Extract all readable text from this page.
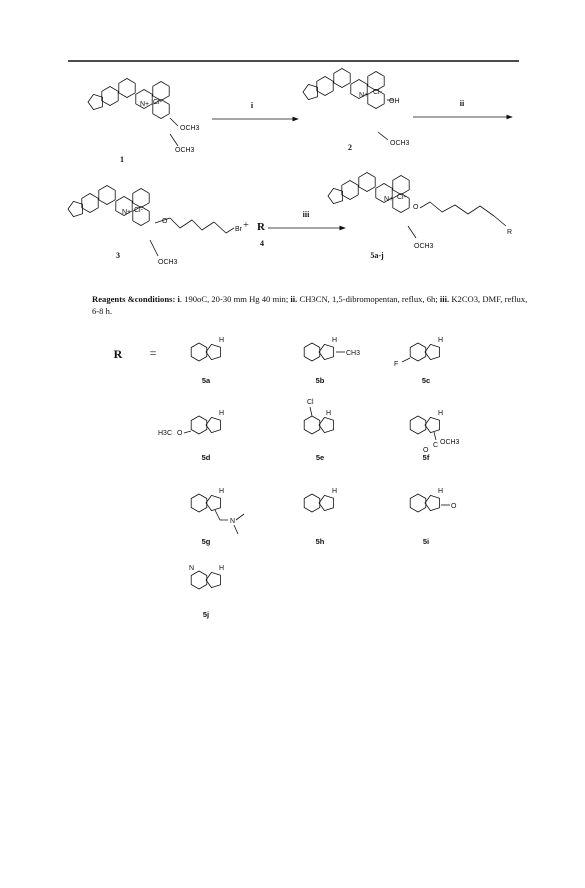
OCH3
OCH3
N+ Cl-
1
OH
OCH3
N+ Cl-
2
N+ Cl-
O
Br
OCH3
3
+ R
4
N+ Cl-
O
R
OCH3
5a-j
i	ii
iii
R =
5a	5b	5c
5d	5e	5f
5g	5h	5i
5j
H	H
CH3
H
F
H
H3C O
Cl
H	H
C
O
OCH3
H
N
H	H
O
N	H
Reagents &conditions: i. 190oC, 20-30 mm Hg 40 min; ii. CH3CN, 1,5-dibromopentan, reflux, 6h; iii. K2CO3, DMF, reflux, 6-8 h.
